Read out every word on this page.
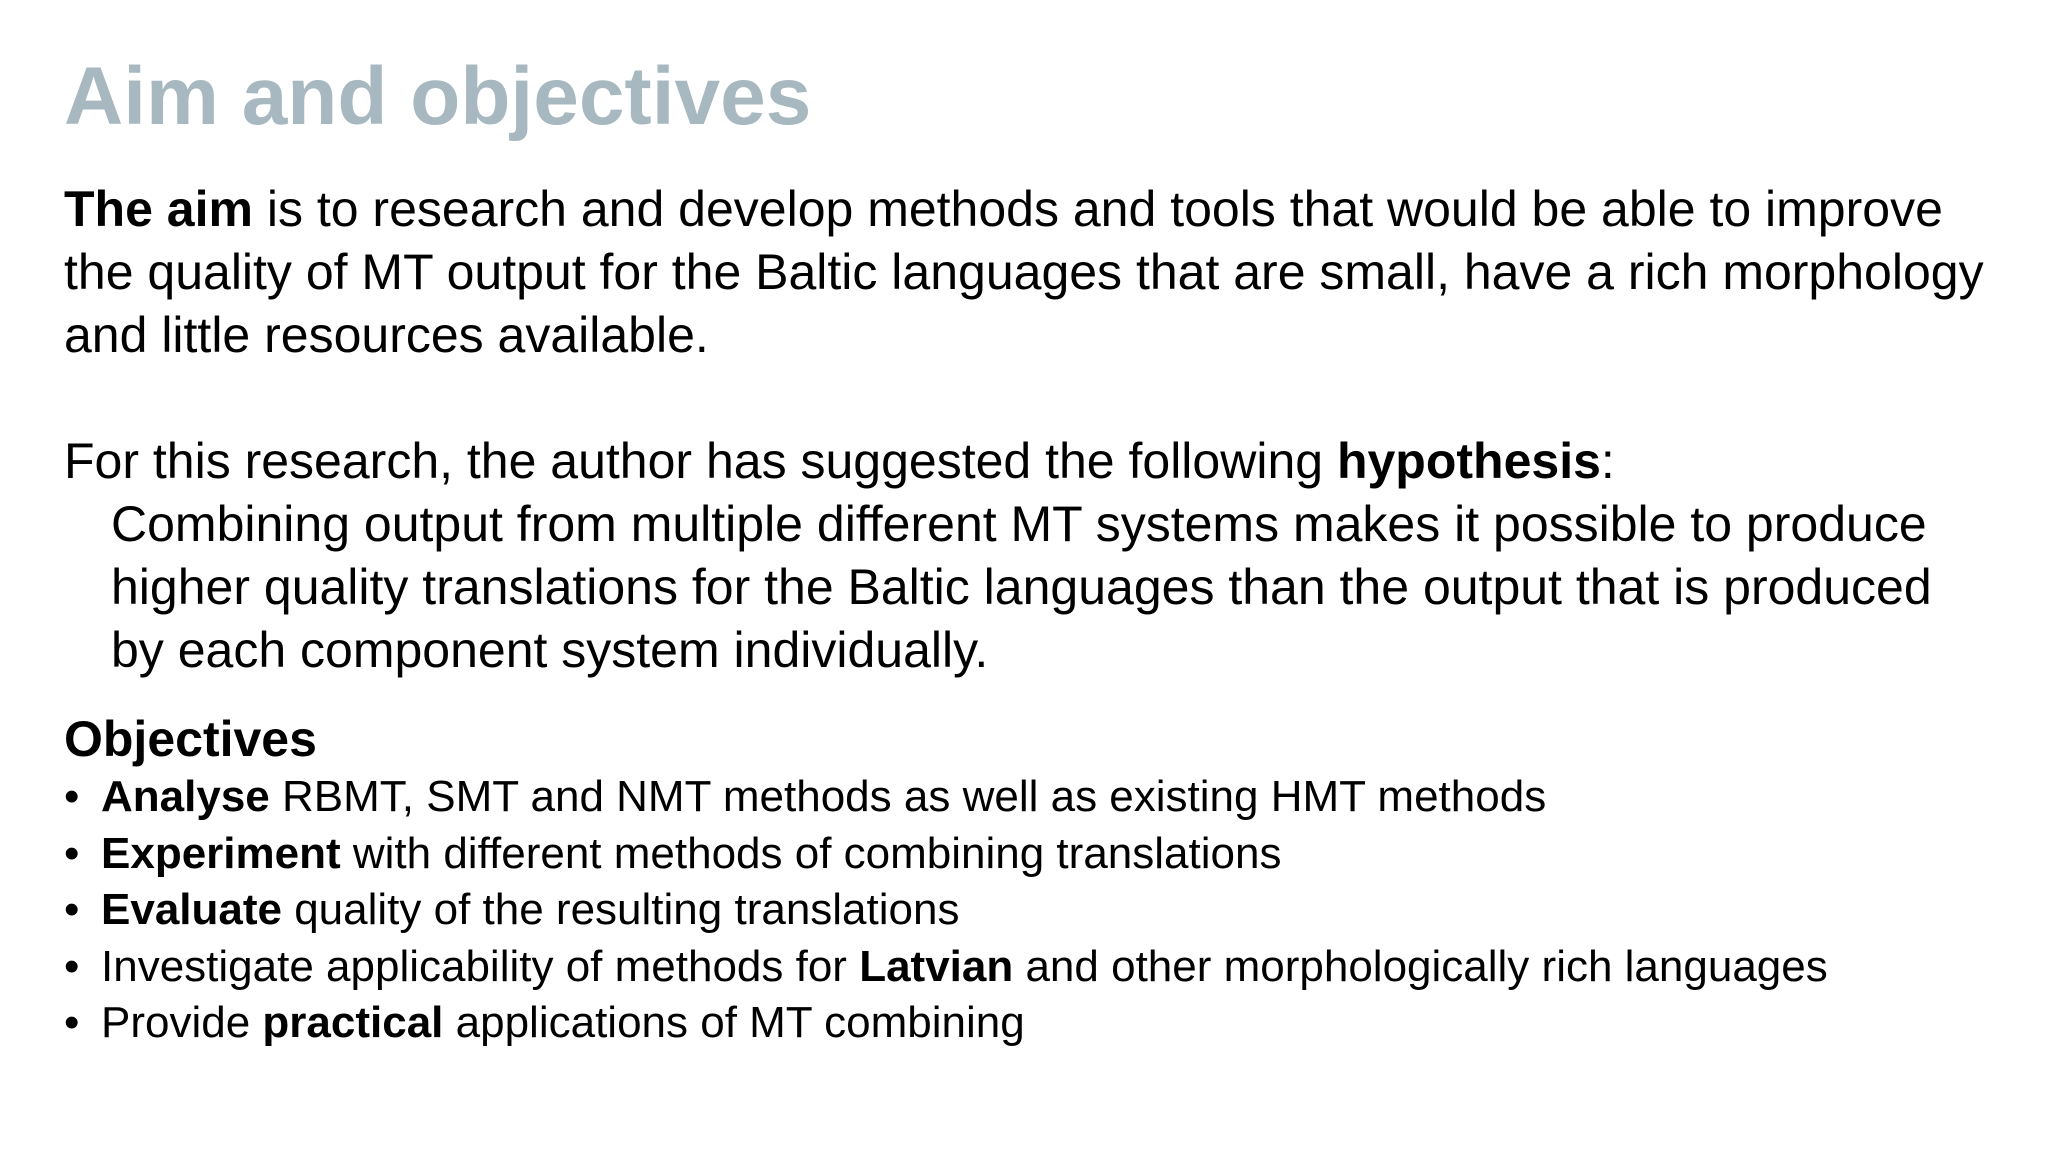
Aim and objectives

The aim is to research and develop methods and tools that would be able to improve the quality of MT output for the Baltic languages that are small, have a rich morphology and little resources available.

For this research, the author has suggested the following hypothesis:

Combining output from multiple different MT systems makes it possible to produce higher quality translations for the Baltic languages than the output that is produced by each component system individually.

Objectives
• Analyse RBMT, SMT and NMT methods as well as existing HMT methods
• Experiment with different methods of combining translations
• Evaluate quality of the resulting translations
• Investigate applicability of methods for Latvian and other morphologically rich languages
• Provide practical applications of MT combining
